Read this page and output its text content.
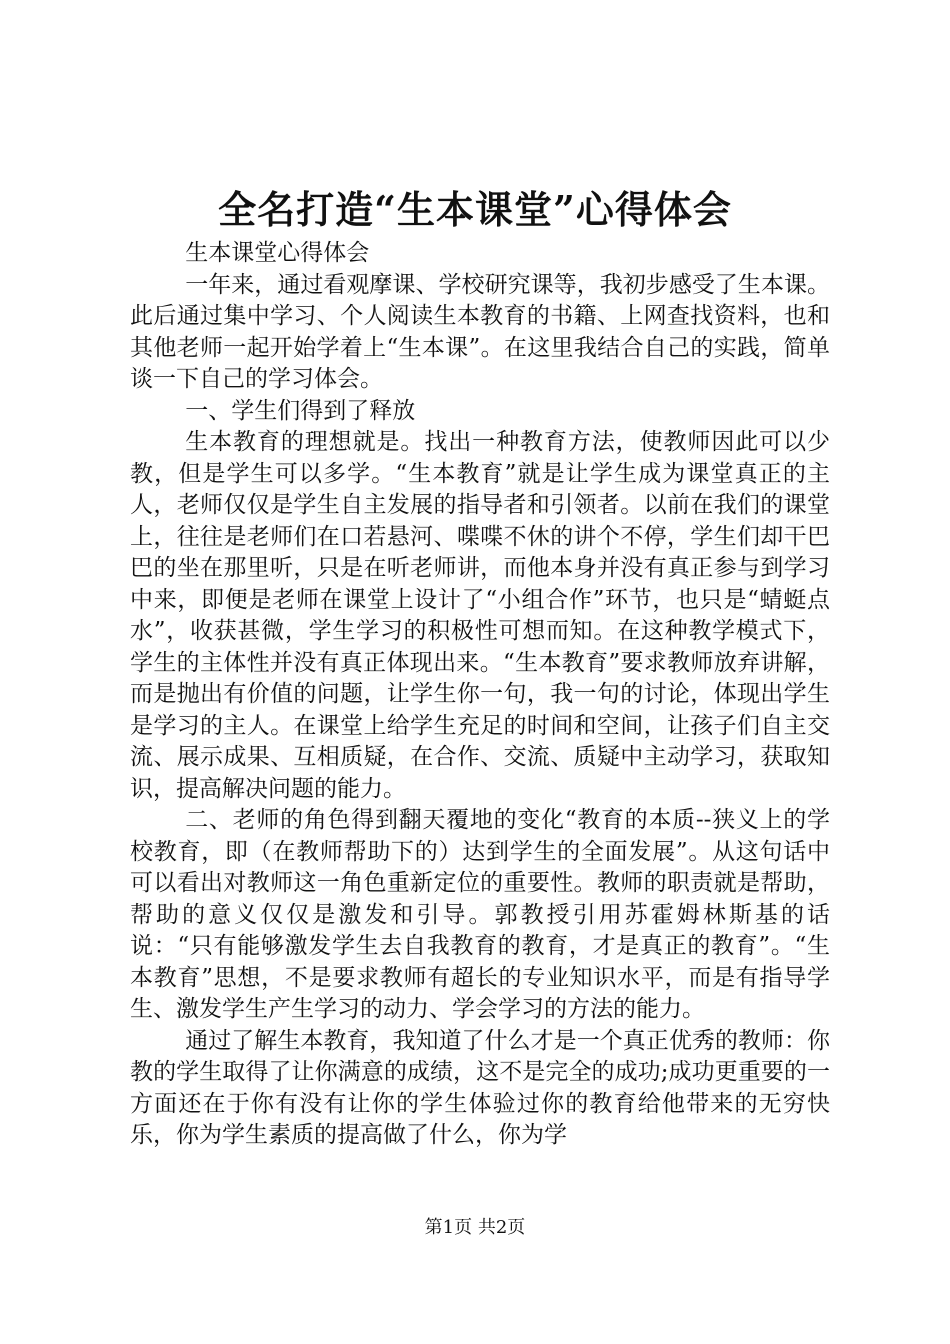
全名打造“生本课堂”心得体会

生本课堂心得体会

一年来，通过看观摩课、学校研究课等，我初步感受了生本课。此后通过集中学习、个人阅读生本教育的书籍、上网查找资料，也和其他老师一起开始学着上“生本课”。在这里我结合自己的实践，简单谈一下自己的学习体会。

一、学生们得到了释放

生本教育的理想就是。找出一种教育方法，使教师因此可以少教，但是学生可以多学。“生本教育”就是让学生成为课堂真正的主人，老师仅仅是学生自主发展的指导者和引领者。以前在我们的课堂上，往往是老师们在口若悬河、喋喋不休的讲个不停，学生们却干巴巴的坐在那里听，只是在听老师讲，而他本身并没有真正参与到学习中来，即便是老师在课堂上设计了“小组合作”环节，也只是“蜻蜓点水”，收获甚微，学生学习的积极性可想而知。在这种教学模式下，学生的主体性并没有真正体现出来。“生本教育”要求教师放弃讲解，而是抛出有价值的问题，让学生你一句，我一句的讨论，体现出学生是学习的主人。在课堂上给学生充足的时间和空间，让孩子们自主交流、展示成果、互相质疑，在合作、交流、质疑中主动学习，获取知识，提高解决问题的能力。

二、老师的角色得到翻天覆地的变化“教育的本质--狭义上的学校教育，即（在教师帮助下的）达到学生的全面发展”。从这句话中可以看出对教师这一角色重新定位的重要性。教师的职责就是帮助，帮助的意义仅仅是激发和引导。郭教授引用苏霍姆林斯基的话说：“只有能够激发学生去自我教育的教育，才是真正的教育”。“生本教育”思想，不是要求教师有超长的专业知识水平，而是有指导学生、激发学生产生学习的动力、学会学习的方法的能力。

通过了解生本教育，我知道了什么才是一个真正优秀的教师：你教的学生取得了让你满意的成绩，这不是完全的成功;成功更重要的一方面还在于你有没有让你的学生体验过你的教育给他带来的无穷快乐，你为学生素质的提高做了什么，你为学

第1页 共2页
